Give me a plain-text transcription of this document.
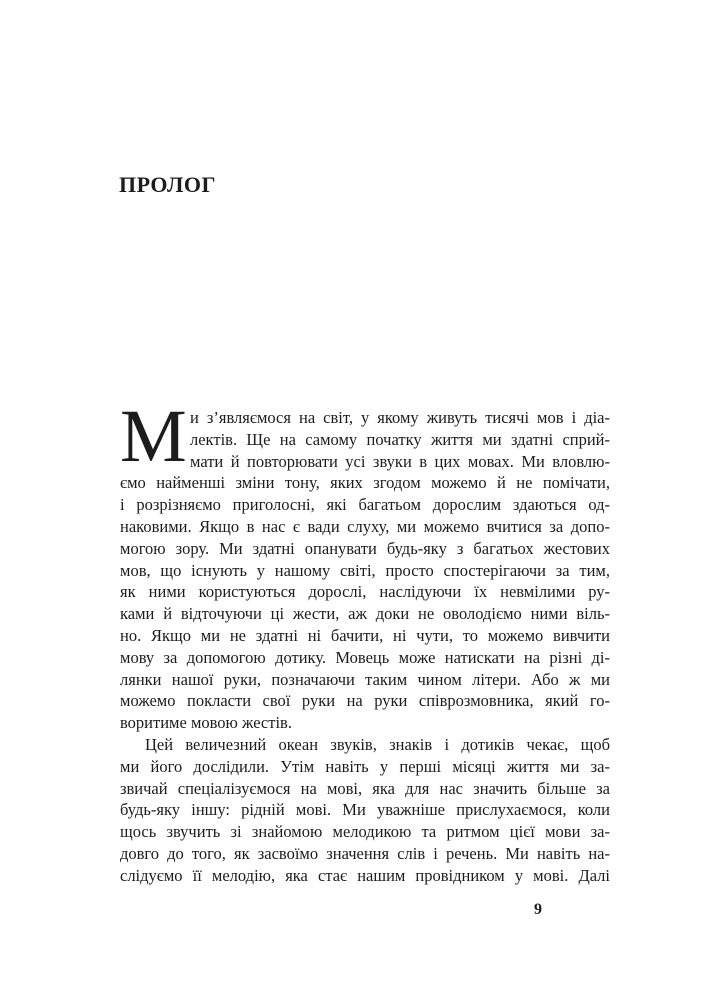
ПРОЛОГ
М и з’являємося на світ, у якому живуть тисячі мов і діа-
лектів. Ще на самому початку життя ми здатні сприй-
мати й повторювати усі звуки в цих мовах. Ми вловлю-
ємо найменші зміни тону, яких згодом можемо й не помічати,
і розрізняємо приголосні, які багатьом дорослим здаються од-
наковими. Якщо в нас є вади слуху, ми можемо вчитися за допо-
могою зору. Ми здатні опанувати будь-яку з багатьох жестових
мов, що існують у нашому світі, просто спостерігаючи за тим,
як ними користуються дорослі, наслідуючи їх невмілими ру-
ками й відточуючи ці жести, аж доки не оволодіємо ними віль-
но. Якщо ми не здатні ні бачити, ні чути, то можемо вивчити
мову за допомогою дотику. Мовець може натискати на різні ді-
лянки нашої руки, позначаючи таким чином літери. Або ж ми
можемо покласти свої руки на руки співрозмовника, який го-
воритиме мовою жестів.
Цей величезний океан звуків, знаків і дотиків чекає, щоб
ми його дослідили. Утім навіть у перші місяці життя ми за-
звичай спеціалізуємося на мові, яка для нас значить більше за
будь-яку іншу: рідній мові. Ми уважніше прислухаємося, коли
щось звучить зі знайомою мелодикою та ритмом цієї мови за-
довго до того, як засвоїмо значення слів і речень. Ми навіть на-
слідуємо її мелодію, яка стає нашим провідником у мові. Далі
9
